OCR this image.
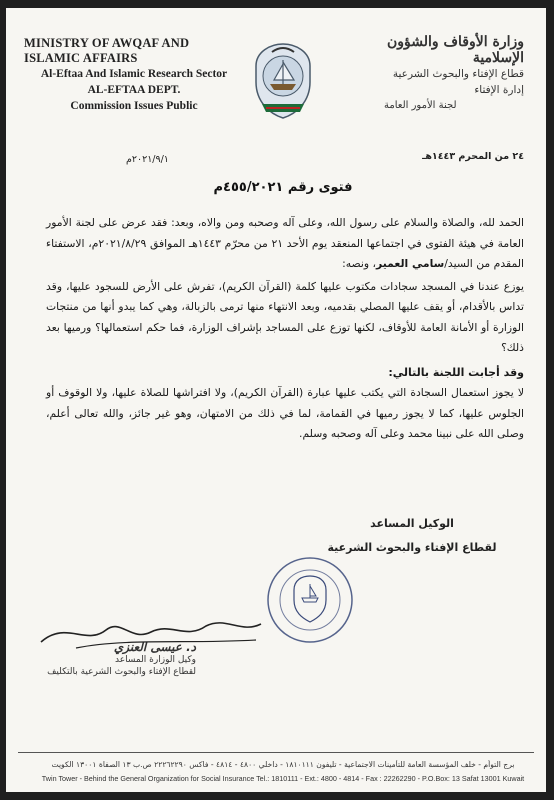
MINISTRY OF AWQAF AND ISLAMIC AFFAIRS
Al-Eftaa And Islamic Research Sector
AL-EFTAA DEPT.
Commission Issues Public
وزارة الأوقاف والشؤون الإسلامية
قطاع الإفتاء والبحوث الشرعية
إدارة الإفتاء
لجنة الأمور العامة
٢٤ من المحرم ١٤٤٣هـ
٢٠٢١/٩/١م
فتوى رقم ٤٥٥/٢٠٢١م

الحمد لله، والصلاة والسلام على رسول الله، وعلى آله وصحبه ومن والاه، وبعد: فقد عرض على لجنة الأمور العامة في هيئة الفتوى في اجتماعها المنعقد يوم الأحد ٢١ من محرّم ١٤٤٣هـ الموافق ٢٠٢١/٨/٢٩م، الاستفتاء المقدم من السيد/سامي العمير، ونصه:

يوزع عندنا في المسجد سجادات مكتوب عليها كلمة (القرآن الكريم)، تفرش على الأرض للسجود عليها، وقد تداس بالأقدام، أو يقف عليها المصلي بقدميه، وبعد الانتهاء منها ترمى بالزبالة، وهي كما يبدو أنها من منتجات الوزارة أو الأمانة العامة للأوقاف، لكنها توزع على المساجد بإشراف الوزارة، فما حكم استعمالها؟ ورميها بعد ذلك؟

وقد أجابت اللجنة بالتالي:

لا يجوز استعمال السجادة التي يكتب عليها عبارة (القرآن الكريم)، ولا افتراشها للصلاة عليها، ولا الوقوف أو الجلوس عليها، كما لا يجوز رميها في القمامة، لما في ذلك من الامتهان، وهو غير جائز، والله تعالى أعلم، وصلى الله على نبينا محمد وعلى آله وصحبه وسلم.

الوكيل المساعد
لقطاع الإفتاء والبحوث الشرعية
د. عيسى العنزي
وكيل الوزارة المساعد
لقطاع الإفتاء والبحوث الشرعية بالتكليف
برج التوأم - خلف المؤسسة العامة للتأمينات الاجتماعية - تليفون ١٨١٠١١١ - داخلي ٤٨٠٠ - ٤٨١٤ - فاكس ٢٢٢٦٢٢٩٠ ص.ب ١٣ الصفاة ١٣٠٠١ الكويت
Twin Tower - Behind the General Organization for Social Insurance Tel.: 1810111 - Ext.: 4800 - 4814 - Fax : 22262290 - P.O.Box: 13 Safat 13001 Kuwait
